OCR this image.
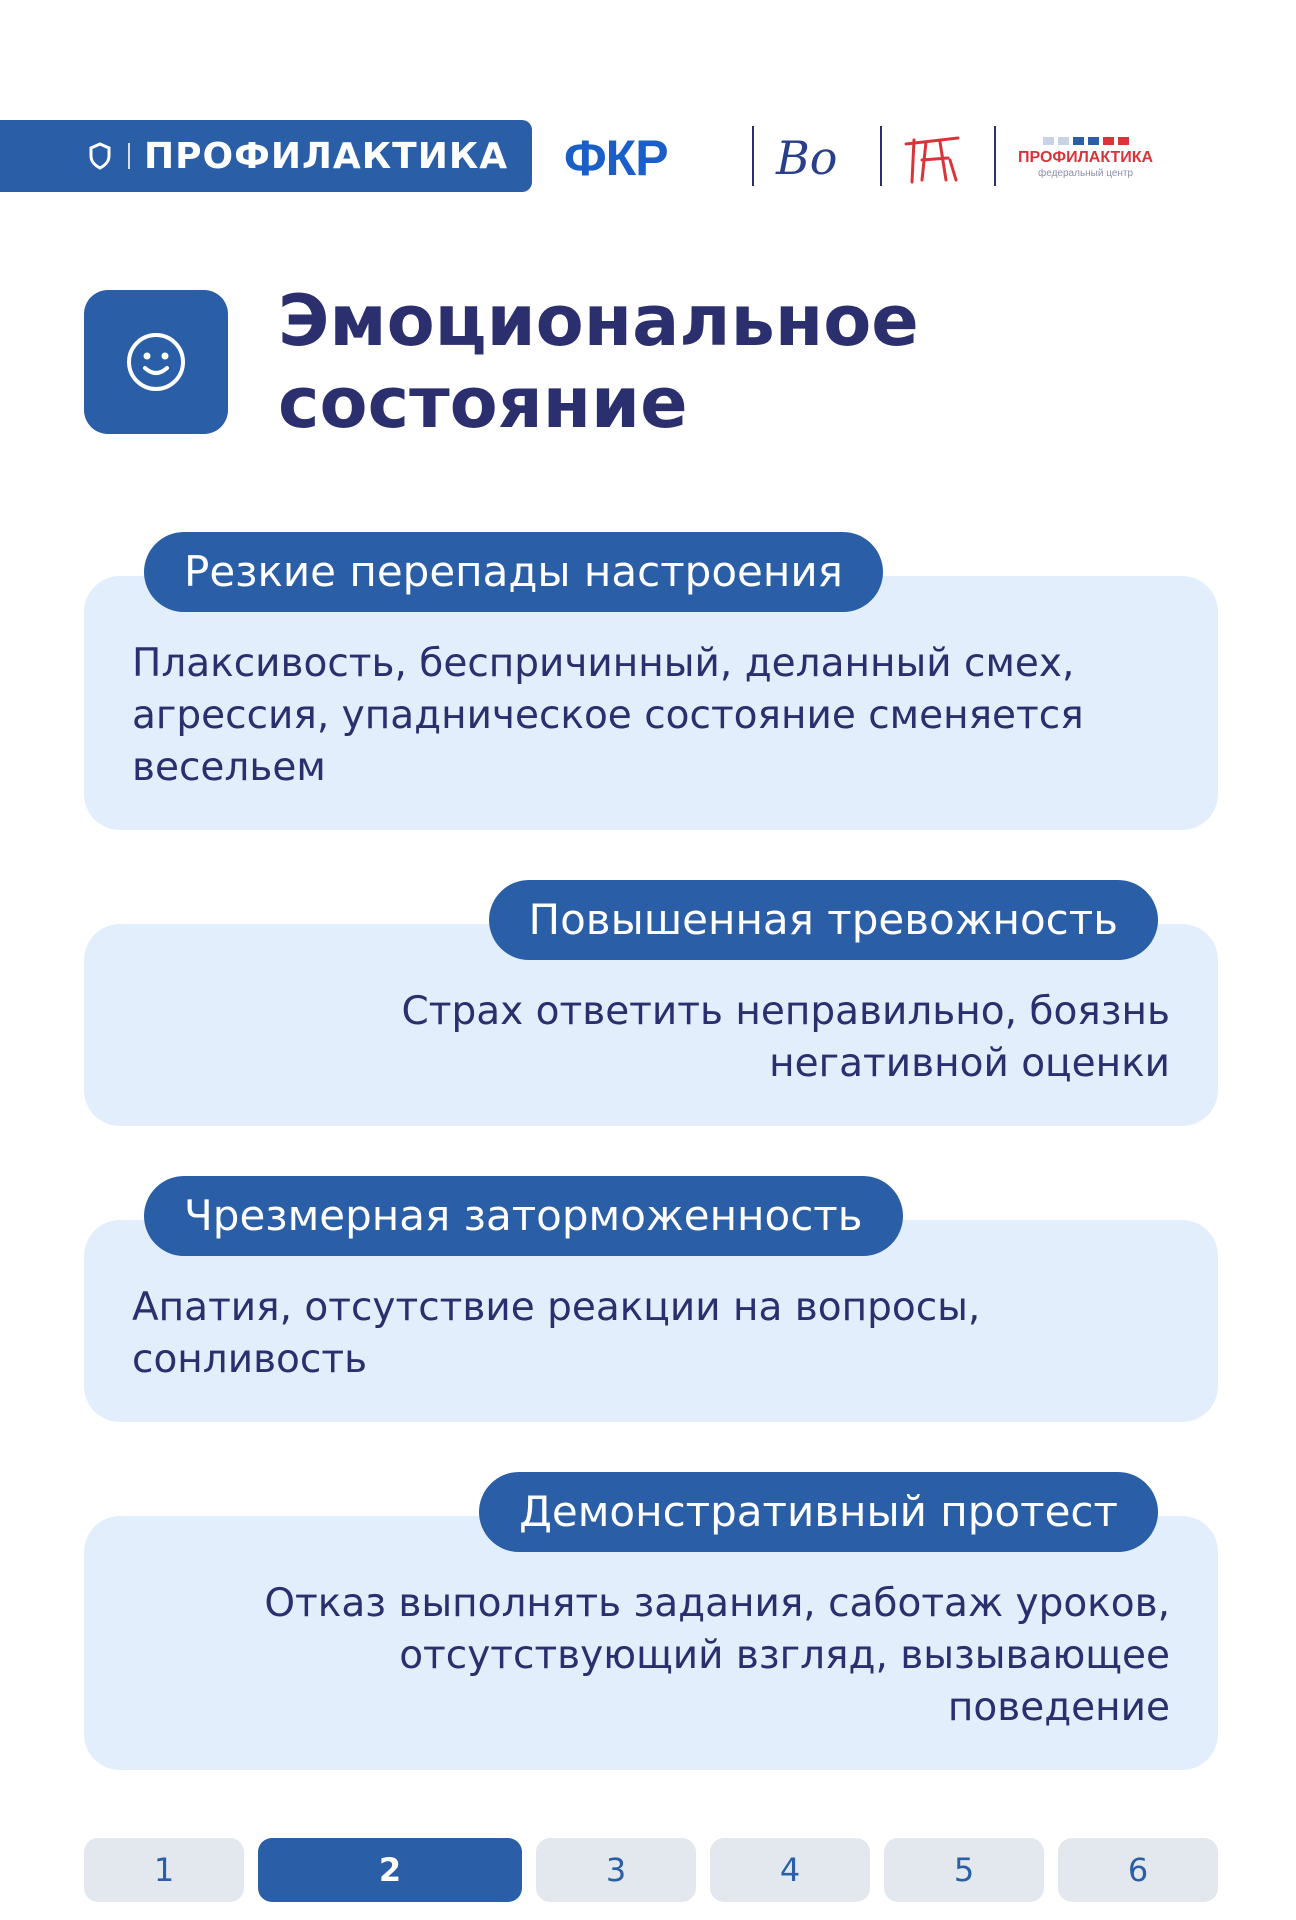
ПРОФИЛАКТИКА ФКР Вo	ПРОФИЛАКТИКА
федеральный центр
Эмоциональное
состояние
Плаксивость, беспричинный, деланный смех,
агрессия, упадническое состояние сменяется
весельем
Резкие перепады настроения
Страх ответить неправильно, боязнь
негативной оценки
Повышенная тревожность
Апатия, отсутствие реакции на вопросы,
сонливость
Чрезмерная заторможенность
Отказ выполнять задания, саботаж уроков,
отсутствующий взгляд, вызывающее
поведение
Демонстративный протест
1	2	3	4	5	6
